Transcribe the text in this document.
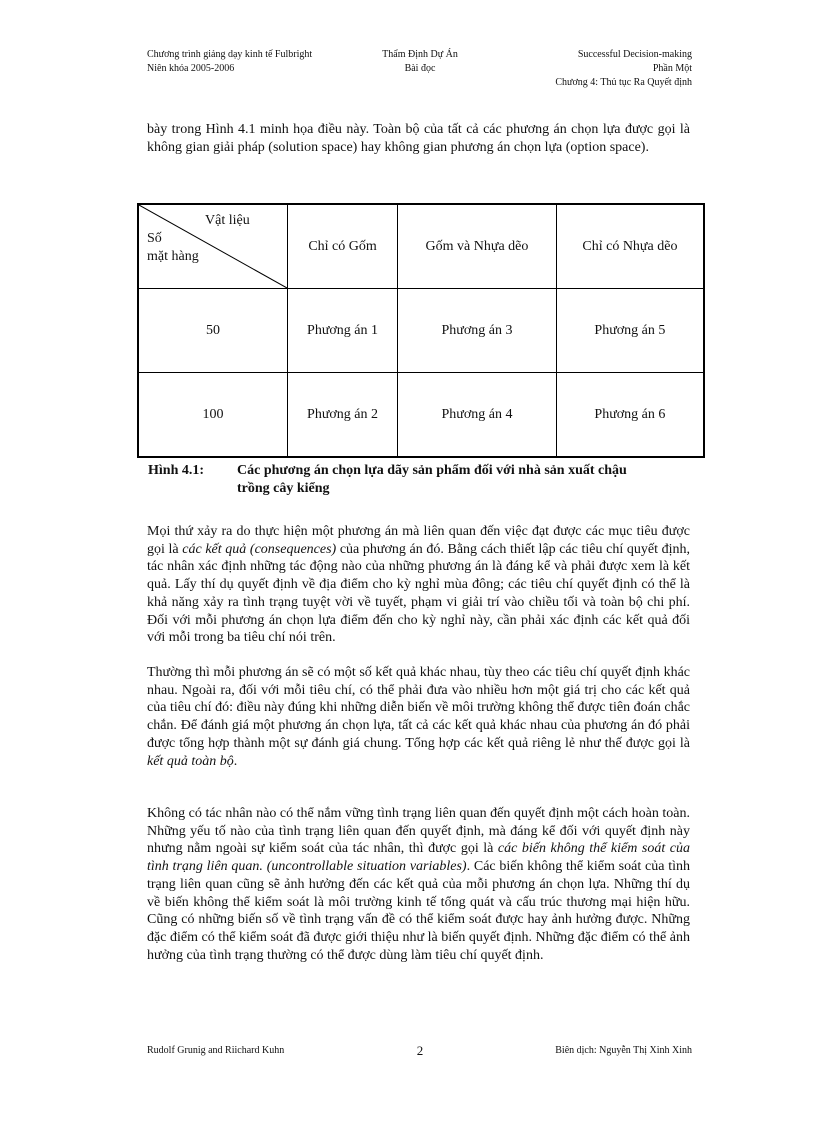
Chương trình giảng dạy kinh tế Fulbright
Niên khóa 2005-2006
Thẩm Định Dự Án
Bài đọc
Successful Decision-making
Phần Một
Chương 4: Thủ tục Ra Quyết định

bày trong Hình 4.1 minh họa điều này. Toàn bộ của tất cả các phương án chọn lựa được gọi là không gian giải pháp (solution space) hay không gian phương án chọn lựa (option space).

Vật liệu
Số
mặt hàng	Chỉ có Gốm	Gốm và Nhựa dẽo	Chỉ có Nhựa dẽo
50	Phương án 1	Phương án 3	Phương án 5
100	Phương án 2	Phương án 4	Phương án 6
Hình 4.1: Các phương án chọn lựa dãy sản phẩm đối với nhà sản xuất chậu trồng cây kiểng

Mọi thứ xảy ra do thực hiện một phương án mà liên quan đến việc đạt được các mục tiêu được gọi là các kết quả (consequences) của phương án đó. Bằng cách thiết lập các tiêu chí quyết định, tác nhân xác định những tác động nào của những phương án là đáng kể và phải được xem là kết quả. Lấy thí dụ quyết định về địa điểm cho kỳ nghỉ mùa đông; các tiêu chí quyết định có thể là khả năng xảy ra tình trạng tuyệt vời về tuyết, phạm vi giải trí vào chiều tối và toàn bộ chi phí. Đối với mỗi phương án chọn lựa điểm đến cho kỳ nghỉ này, cần phải xác định các kết quả đối với mỗi trong ba tiêu chí nói trên.

Thường thì mỗi phương án sẽ có một số kết quả khác nhau, tùy theo các tiêu chí quyết định khác nhau. Ngoài ra, đối với mỗi tiêu chí, có thể phải đưa vào nhiều hơn một giá trị cho các kết quả của tiêu chí đó: điều này đúng khi những diễn biến về môi trường không thể được tiên đoán chắc chắn. Để đánh giá một phương án chọn lựa, tất cả các kết quả khác nhau của phương án đó phải được tổng hợp thành một sự đánh giá chung. Tổng hợp các kết quả riêng lẻ như thế được gọi là kết quả toàn bộ.

Không có tác nhân nào có thể nắm vững tình trạng liên quan đến quyết định một cách hoàn toàn. Những yếu tố nào của tình trạng liên quan đến quyết định, mà đáng kể đối với quyết định này nhưng nằm ngoài sự kiểm soát của tác nhân, thì được gọi là các biến không thể kiểm soát của tình trạng liên quan. (uncontrollable situation variables). Các biến không thể kiểm soát của tình trạng liên quan cũng sẽ ảnh hưởng đến các kết quả của mỗi phương án chọn lựa. Những thí dụ về biến không thể kiểm soát là môi trường kinh tế tổng quát và cấu trúc thương mại hiện hữu. Cũng có những biến số về tình trạng vấn đề có thể kiểm soát được hay ảnh hưởng được. Những đặc điểm có thể kiểm soát đã được giới thiệu như là biến quyết định. Những đặc điểm có thể ảnh hưởng của tình trạng thường có thể được dùng làm tiêu chí quyết định.

Rudolf Grunig and Riichard Kuhn	2	Biên dịch: Nguyễn Thị Xinh Xinh
